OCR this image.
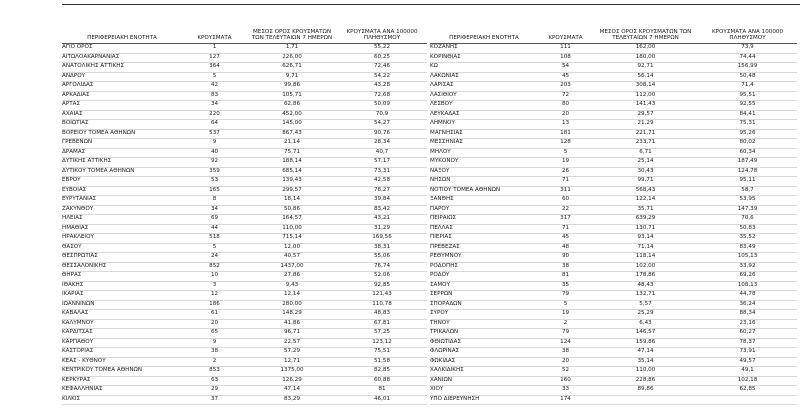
ΠΕΡΙΦΕΡΕΙΑΚΗ ΕΝΟΤΗΤΑ	ΚΡΟΥΣΜΑΤΑ	ΜΕΣΟΣ ΟΡΟΣ ΚΡΟΥΣΜΑΤΩΝ ΤΩΝ ΤΕΛΕΥΤΑΙΩΝ 7 ΗΜΕΡΩΝ	ΚΡΟΥΣΜΑΤΑ ΑΝΑ 100000 ΠΛΗΘΥΣΜΟΥ

ΑΓΙΟ ΟΡΟΣ	1	1,71	55,22
ΑΙΤΩΛΟΑΚΑΡΝΑΝΙΑΣ	127	226,00	60,25
ΑΝΑΤΟΛΙΚΗΣ ΑΤΤΙΚΗΣ	364	626,71	72,46
ΑΝΔΡΟΥ	5	9,71	54,22
ΑΡΓΟΛΙΔΑΣ	42	99,86	43,28
ΑΡΚΑΔΙΑΣ	83	105,71	72,68
ΑΡΤΑΣ	34	62,86	50,09
ΑΧΑΪΑΣ	220	452,00	70,9
ΒΟΙΩΤΙΑΣ	64	145,00	54,27
ΒΟΡΕΙΟΥ ΤΟΜΕΑ ΑΘΗΝΩΝ	537	867,43	90,76
ΓΡΕΒΕΝΩΝ	9	21,14	28,34
ΔΡΑΜΑΣ	40	75,71	40,7
ΔΥΤΙΚΗΣ ΑΤΤΙΚΗΣ	92	188,14	57,17
ΔΥΤΙΚΟΥ ΤΟΜΕΑ ΑΘΗΝΩΝ	359	685,14	73,31
ΕΒΡΟΥ	53	139,43	42,58
ΕΥΒΟΙΑΣ	165	299,57	78,27
ΕΥΡΥΤΑΝΙΑΣ	8	18,14	39,84
ΖΑΚΥΝΘΟΥ	34	50,86	83,42
ΗΛΕΙΑΣ	69	164,57	43,21
ΗΜΑΘΙΑΣ	44	110,00	31,29
ΗΡΑΚΛΕΙΟΥ	518	715,14	169,56
ΘΑΣΟΥ	5	12,00	38,31
ΘΕΣΠΡΩΤΙΑΣ	24	40,57	55,06
ΘΕΣΣΑΛΟΝΙΚΗΣ	852	1437,00	76,74
ΘΗΡΑΣ	10	27,86	52,06
ΙΘΑΚΗΣ	3	9,43	92,85
ΙΚΑΡΙΑΣ	12	12,14	121,43
ΙΩΑΝΝΙΝΩΝ	186	280,00	110,78
ΚΑΒΑΛΑΣ	61	148,29	48,83
ΚΑΛΥΜΝΟΥ	20	41,86	67,81
ΚΑΡΔΙΤΣΑΣ	65	96,71	57,25
ΚΑΡΠΑΘΟΥ	9	22,57	123,12
ΚΑΣΤΟΡΙΑΣ	38	57,29	75,51
ΚΕΑΣ - ΚΥΘΝΟΥ	2	12,71	51,58
ΚΕΝΤΡΙΚΟΥ ΤΟΜΕΑ ΑΘΗΝΩΝ	853	1375,00	82,85
ΚΕΡΚΥΡΑΣ	63	126,29	60,88
ΚΕΦΑΛΛΗΝΙΑΣ	29	47,14	81
ΚΙΛΚΙΣ	37	83,29	46,01
ΠΕΡΙΦΕΡΕΙΑΚΗ ΕΝΟΤΗΤΑ	ΚΡΟΥΣΜΑΤΑ	ΜΕΣΟΣ ΟΡΟΣ ΚΡΟΥΣΜΑΤΩΝ ΤΩΝ ΤΕΛΕΥΤΑΙΩΝ 7 ΗΜΕΡΩΝ	ΚΡΟΥΣΜΑΤΑ ΑΝΑ 100000 ΠΛΗΘΥΣΜΟΥ

ΚΟΖΑΝΗΣ	111	162,00	73,9
ΚΟΡΙΝΘΙΑΣ	108	180,00	74,44
ΚΩ	54	92,71	156,99
ΛΑΚΩΝΙΑΣ	45	56,14	50,48
ΛΑΡΙΣΑΣ	203	308,14	71,4
ΛΑΣΙΘΙΟΥ	72	112,00	95,51
ΛΕΣΒΟΥ	80	141,43	92,55
ΛΕΥΚΑΔΑΣ	20	29,57	84,41
ΛΗΜΝΟΥ	13	21,29	75,31
ΜΑΓΝΗΣΙΑΣ	181	221,71	95,26
ΜΕΣΣΗΝΙΑΣ	128	233,71	80,02
ΜΗΛΟΥ	5	6,71	60,34
ΜΥΚΟΝΟΥ	19	25,14	187,49
ΝΑΞΟΥ	26	30,43	124,78
ΝΗΣΩΝ	71	99,71	95,11
ΝΟΤΙΟΥ ΤΟΜΕΑ ΑΘΗΝΩΝ	311	568,43	58,7
ΞΑΝΘΗΣ	60	122,14	53,95
ΠΑΡΟΥ	22	35,71	147,39
ΠΕΙΡΑΙΩΣ	317	639,29	70,6
ΠΕΛΛΑΣ	71	130,71	50,83
ΠΙΕΡΙΑΣ	45	93,14	35,52
ΠΡΕΒΕΖΑΣ	48	71,14	83,49
ΡΕΘΥΜΝΟΥ	90	118,14	105,13
ΡΟΔΟΠΗΣ	38	102,00	33,92
ΡΟΔΟΥ	81	178,86	69,26
ΣΑΜΟΥ	35	48,43	108,13
ΣΕΡΡΩΝ	79	132,71	44,78
ΣΠΟΡΑΔΩΝ	5	5,57	36,24
ΣΥΡΟΥ	19	25,29	88,34
ΤΗΝΟΥ	2	6,43	23,16
ΤΡΙΚΑΛΩΝ	79	146,57	60,27
ΦΘΙΩΤΙΔΑΣ	124	159,86	78,37
ΦΛΩΡΙΝΑΣ	38	47,14	73,91
ΦΩΚΙΔΑΣ	20	35,14	49,57
ΧΑΛΚΙΔΙΚΗΣ	52	110,00	49,1
ΧΑΝΙΩΝ	160	228,86	102,18
ΧΙΟΥ	33	89,86	62,85
ΥΠΟ ΔΙΕΡΕΥΝΗΣΗ	174		
